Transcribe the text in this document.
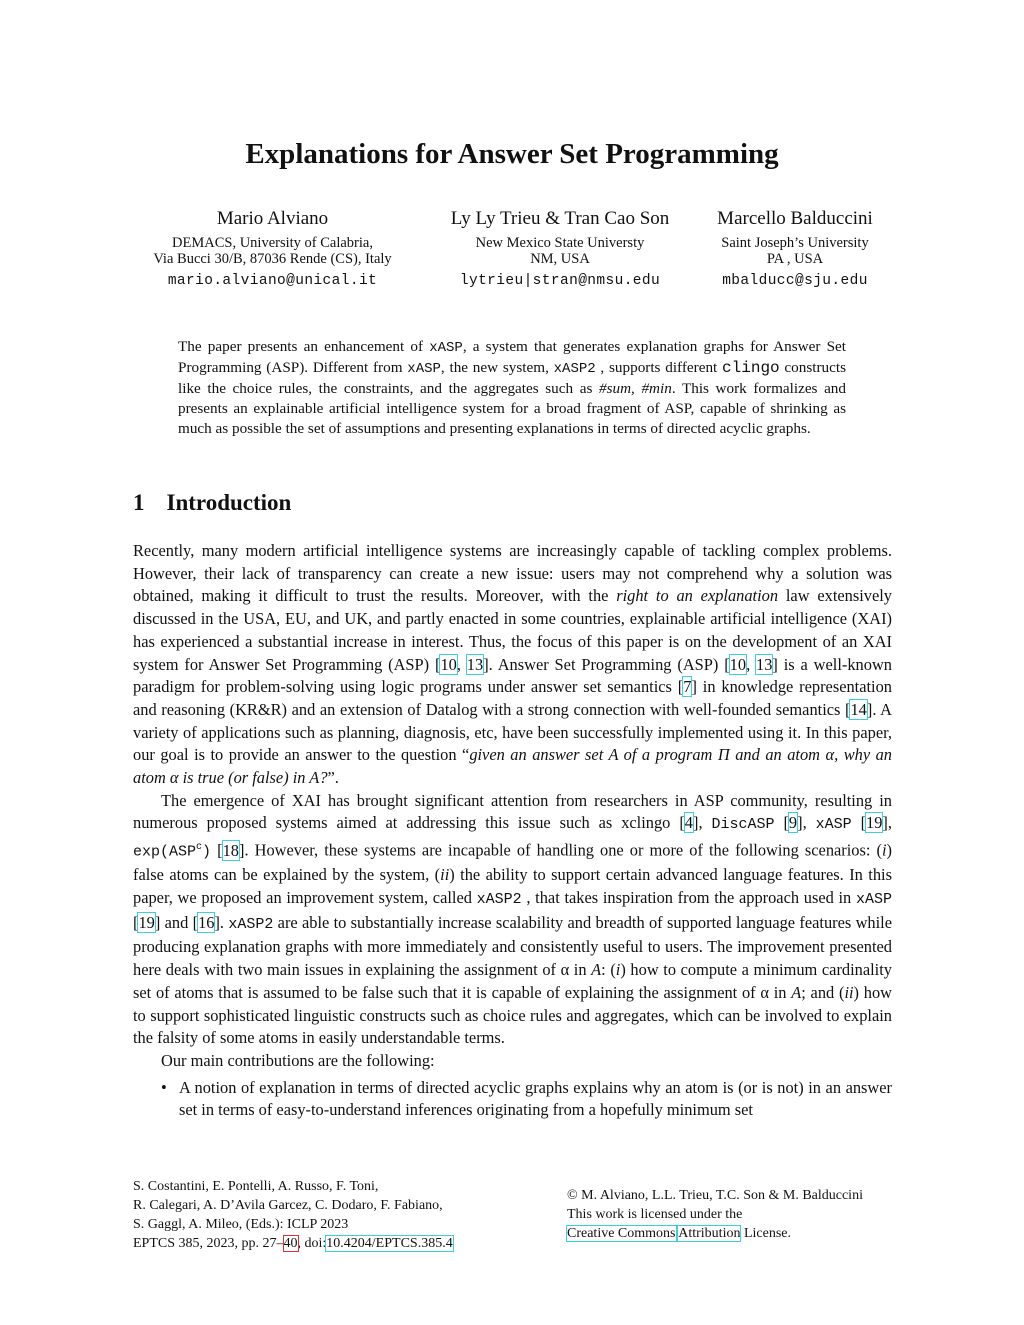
Explanations for Answer Set Programming
Mario Alviano
DEMACS, University of Calabria,
Via Bucci 30/B, 87036 Rende (CS), Italy
mario.alviano@unical.it
Ly Ly Trieu & Tran Cao Son
New Mexico State Universty
NM, USA
lytrieu|stran@nmsu.edu
Marcello Balduccini
Saint Joseph’s University
PA , USA
mbalducc@sju.edu
The paper presents an enhancement of xASP, a system that generates explanation graphs for Answer Set Programming (ASP). Different from xASP, the new system, xASP2 , supports different clingo constructs like the choice rules, the constraints, and the aggregates such as #sum, #min. This work formalizes and presents an explainable artificial intelligence system for a broad fragment of ASP, capable of shrinking as much as possible the set of assumptions and presenting explanations in terms of directed acyclic graphs.
1 Introduction

Recently, many modern artificial intelligence systems are increasingly capable of tackling complex problems. However, their lack of transparency can create a new issue: users may not comprehend why a solution was obtained, making it difficult to trust the results. Moreover, with the right to an explanation law extensively discussed in the USA, EU, and UK, and partly enacted in some countries, explainable artificial intelligence (XAI) has experienced a substantial increase in interest. Thus, the focus of this paper is on the development of an XAI system for Answer Set Programming (ASP) [10, 13]. Answer Set Programming (ASP) [10, 13] is a well-known paradigm for problem-solving using logic programs under answer set semantics [7] in knowledge representation and reasoning (KR&R) and an extension of Datalog with a strong connection with well-founded semantics [14]. A variety of applications such as planning, diagnosis, etc, have been successfully implemented using it. In this paper, our goal is to provide an answer to the question “given an answer set A of a program Π and an atom α, why an atom α is true (or false) in A?”.

The emergence of XAI has brought significant attention from researchers in ASP community, resulting in numerous proposed systems aimed at addressing this issue such as xclingo [4], DiscASP [9], xASP [19], exp(ASP$^c$) [18]. However, these systems are incapable of handling one or more of the following scenarios: (i) false atoms can be explained by the system, (ii) the ability to support certain advanced language features. In this paper, we proposed an improvement system, called xASP2 , that takes inspiration from the approach used in xASP [19] and [16]. xASP2 are able to substantially increase scalability and breadth of supported language features while producing explanation graphs with more immediately and consistently useful to users. The improvement presented here deals with two main issues in explaining the assignment of α in A: (i) how to compute a minimum cardinality set of atoms that is assumed to be false such that it is capable of explaining the assignment of α in A; and (ii) how to support sophisticated linguistic constructs such as choice rules and aggregates, which can be involved to explain the falsity of some atoms in easily understandable terms.

Our main contributions are the following:

• A notion of explanation in terms of directed acyclic graphs explains why an atom is (or is not) in an answer set in terms of easy-to-understand inferences originating from a hopefully minimum set
S. Costantini, E. Pontelli, A. Russo, F. Toni,
R. Calegari, A. D’Avila Garcez, C. Dodaro, F. Fabiano,
S. Gaggl, A. Mileo, (Eds.): ICLP 2023
EPTCS 385, 2023, pp. 27–40, doi:10.4204/EPTCS.385.4
© M. Alviano, L.L. Trieu, T.C. Son & M. Balduccini
This work is licensed under the
Creative Commons Attribution License.
